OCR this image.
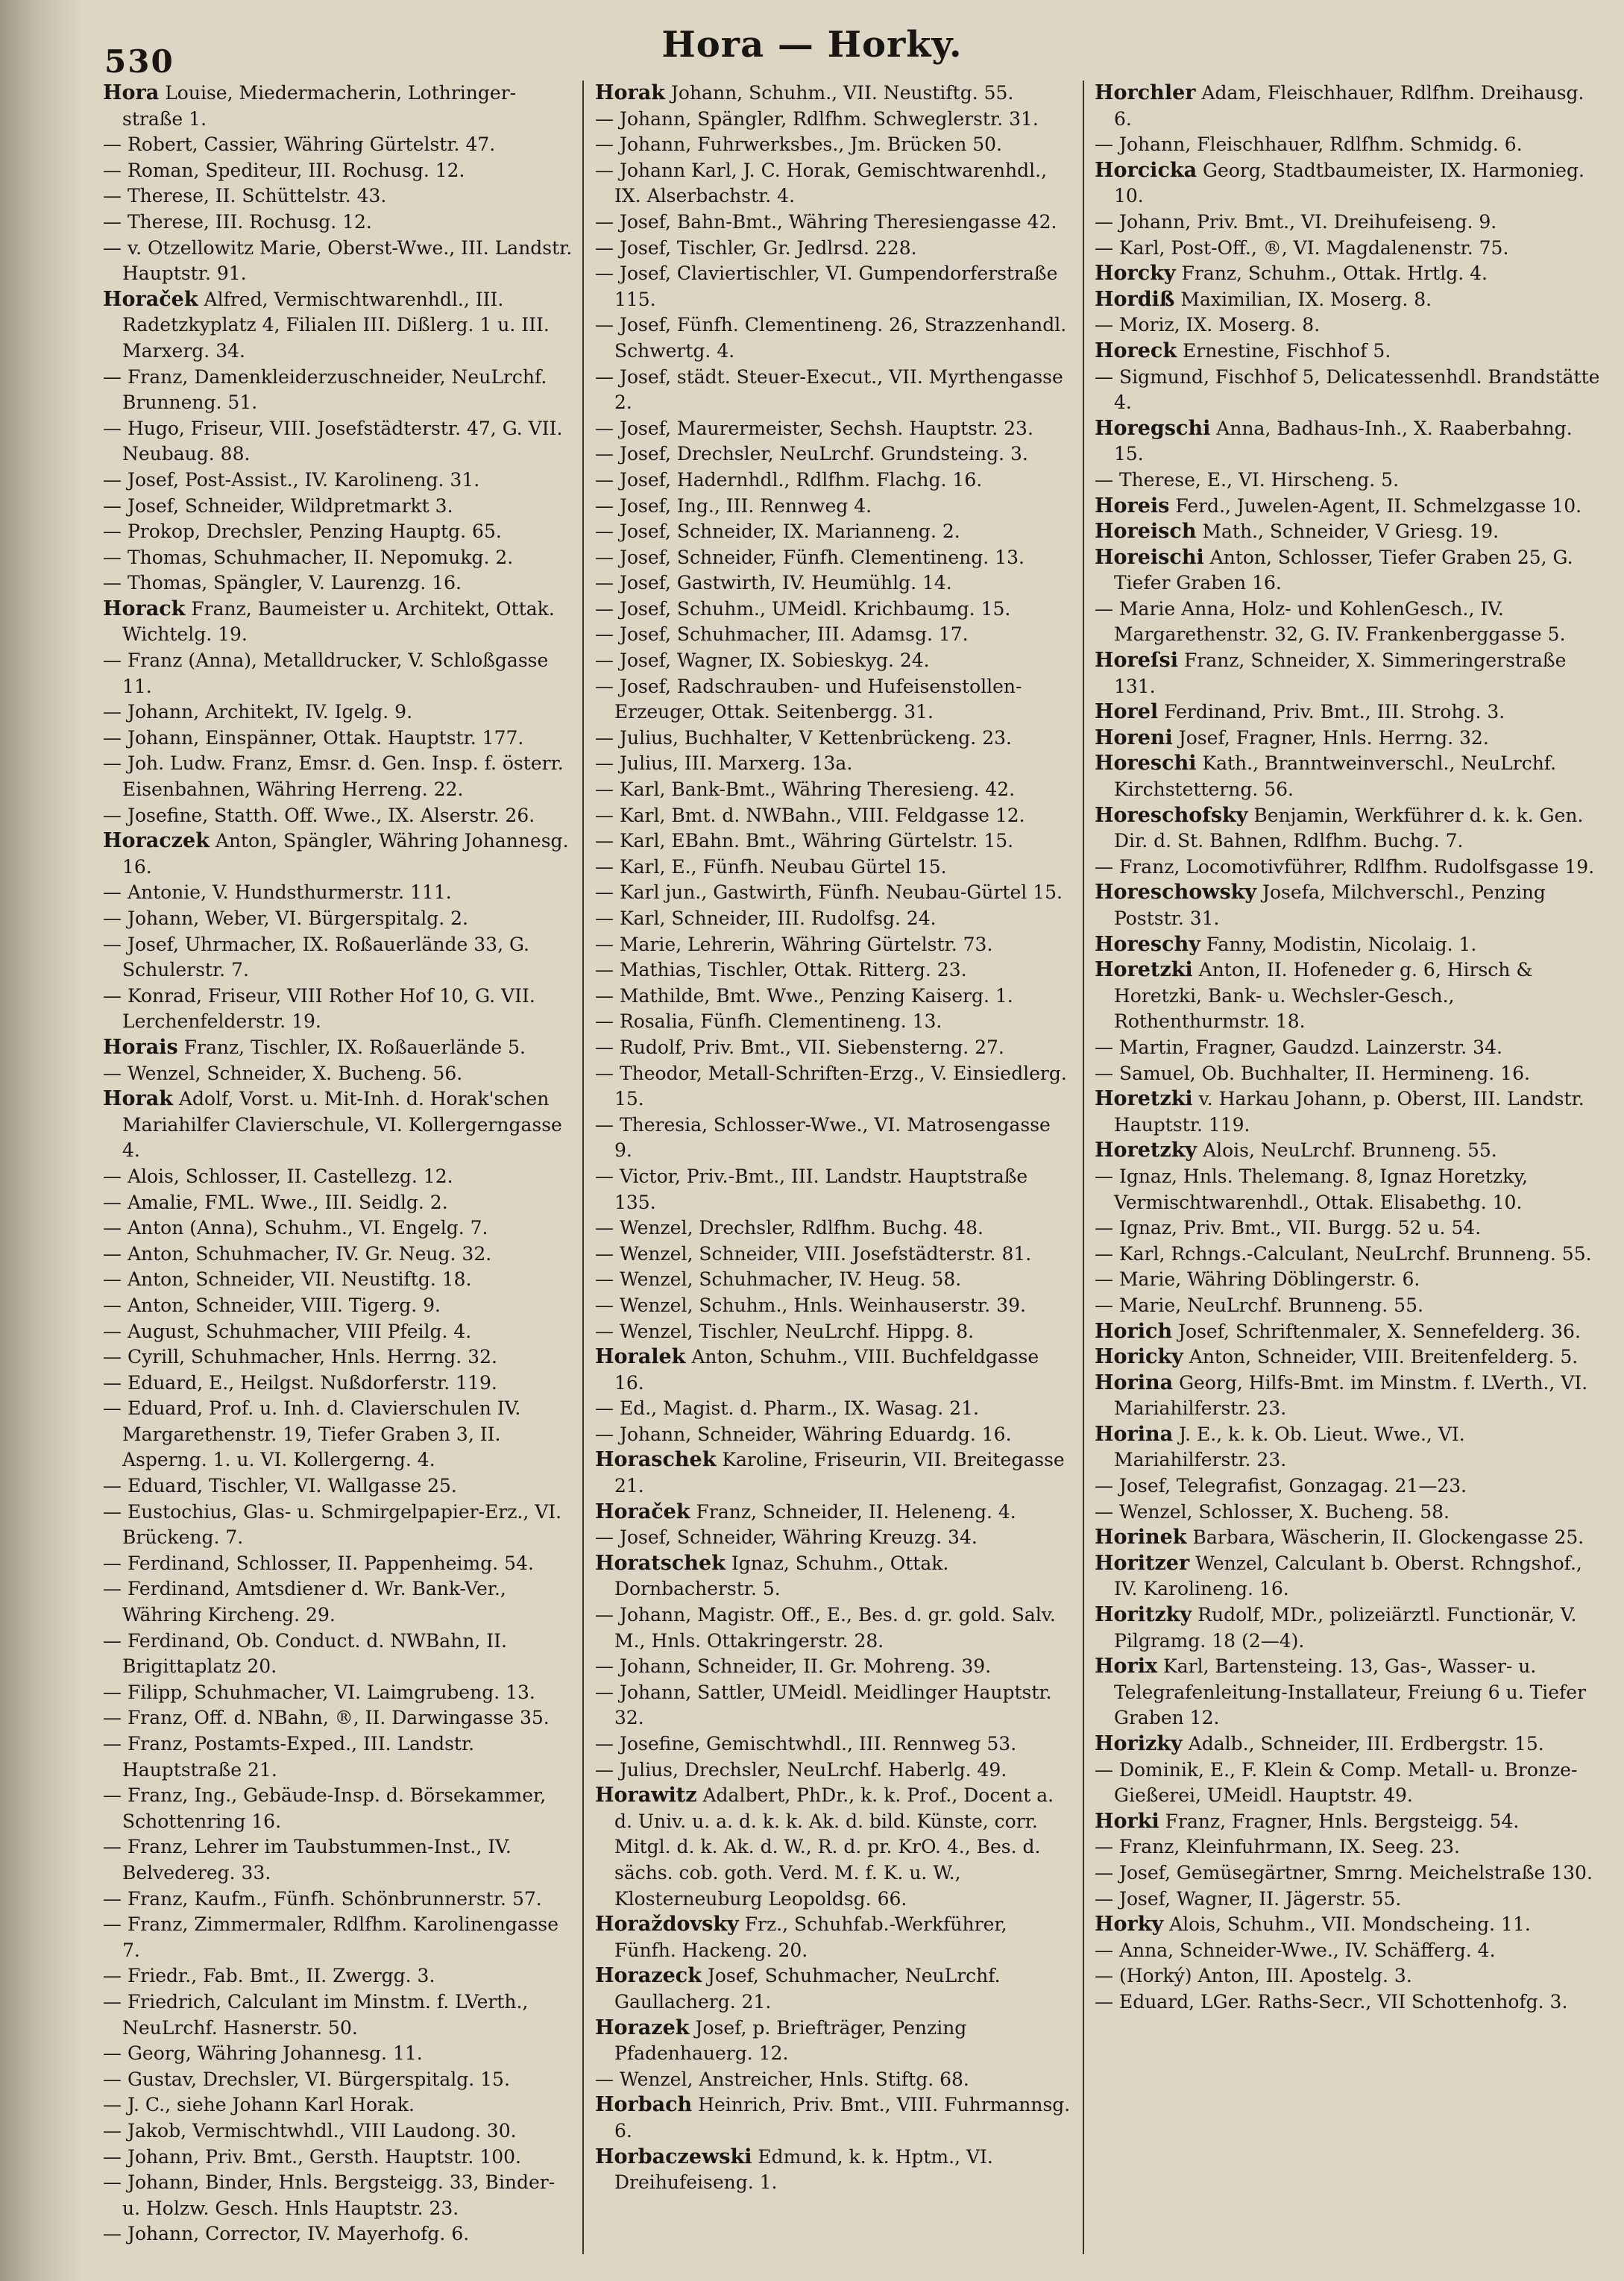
530	Hora — Horky.
Hora Louise, Miedermacherin, Lothringer-straße 1.
— Robert, Cassier, Währing Gürtelstr. 47.
— Roman, Spediteur, III. Rochusg. 12.
— Therese, II. Schüttelstr. 43.
— Therese, III. Rochusg. 12.
— v. Otzellowitz Marie, Oberst-Wwe., III. Landstr. Hauptstr. 91.
Horaček Alfred, Vermischtwarenhdl., III. Radetzkyplatz 4, Filialen III. Dißlerg. 1 u. III. Marxerg. 34.
— Franz, Damenkleiderzuschneider, NeuLrchf. Brunneng. 51.
— Hugo, Friseur, VIII. Josefstädterstr. 47, G. VII. Neubaug. 88.
— Josef, Post-Assist., IV. Karolineng. 31.
— Josef, Schneider, Wildpretmarkt 3.
— Prokop, Drechsler, Penzing Hauptg. 65.
— Thomas, Schuhmacher, II. Nepomukg. 2.
— Thomas, Spängler, V. Laurenzg. 16.
Horack Franz, Baumeister u. Architekt, Ottak. Wichtelg. 19.
— Franz (Anna), Metalldrucker, V. Schloßgasse 11.
— Johann, Architekt, IV. Igelg. 9.
— Johann, Einspänner, Ottak. Hauptstr. 177.
— Joh. Ludw. Franz, Emsr. d. Gen. Insp. f. österr. Eisenbahnen, Währing Herreng. 22.
— Josefine, Statth. Off. Wwe., IX. Alserstr. 26.
Horaczek Anton, Spängler, Währing Johannesg. 16.
— Antonie, V. Hundsthurmerstr. 111.
— Johann, Weber, VI. Bürgerspitalg. 2.
— Josef, Uhrmacher, IX. Roßauerlände 33, G. Schulerstr. 7.
— Konrad, Friseur, VIII Rother Hof 10, G. VII. Lerchenfelderstr. 19.
Horais Franz, Tischler, IX. Roßauerlände 5.
— Wenzel, Schneider, X. Bucheng. 56.
Horak Adolf, Vorst. u. Mit-Inh. d. Horak'schen Mariahilfer Clavierschule, VI. Kollergerngasse 4.
— Alois, Schlosser, II. Castellezg. 12.
— Amalie, FML. Wwe., III. Seidlg. 2.
— Anton (Anna), Schuhm., VI. Engelg. 7.
— Anton, Schuhmacher, IV. Gr. Neug. 32.
— Anton, Schneider, VII. Neustiftg. 18.
— Anton, Schneider, VIII. Tigerg. 9.
— August, Schuhmacher, VIII Pfeilg. 4.
— Cyrill, Schuhmacher, Hnls. Herrng. 32.
— Eduard, E., Heilgst. Nußdorferstr. 119.
— Eduard, Prof. u. Inh. d. Clavierschulen IV. Margarethenstr. 19, Tiefer Graben 3, II. Asperng. 1. u. VI. Kollergerng. 4.
— Eduard, Tischler, VI. Wallgasse 25.
— Eustochius, Glas- u. Schmirgelpapier-Erz., VI. Brückeng. 7.
— Ferdinand, Schlosser, II. Pappenheimg. 54.
— Ferdinand, Amtsdiener d. Wr. Bank-Ver., Währing Kircheng. 29.
— Ferdinand, Ob. Conduct. d. NWBahn, II. Brigittaplatz 20.
— Filipp, Schuhmacher, VI. Laimgrubeng. 13.
— Franz, Off. d. NBahn, ®, II. Darwingasse 35.
— Franz, Postamts-Exped., III. Landstr. Hauptstraße 21.
— Franz, Ing., Gebäude-Insp. d. Börsekammer, Schottenring 16.
— Franz, Lehrer im Taubstummen-Inst., IV. Belvedereg. 33.
— Franz, Kaufm., Fünfh. Schönbrunnerstr. 57.
— Franz, Zimmermaler, Rdlfhm. Karolinengasse 7.
— Friedr., Fab. Bmt., II. Zwergg. 3.
— Friedrich, Calculant im Minstm. f. LVerth., NeuLrchf. Hasnerstr. 50.
— Georg, Währing Johannesg. 11.
— Gustav, Drechsler, VI. Bürgerspitalg. 15.
— J. C., siehe Johann Karl Horak.
— Jakob, Vermischtwhdl., VIII Laudong. 30.
— Johann, Priv. Bmt., Gersth. Hauptstr. 100.
— Johann, Binder, Hnls. Bergsteigg. 33, Binder- u. Holzw. Gesch. Hnls Hauptstr. 23.
— Johann, Corrector, IV. Mayerhofg. 6.
Horak Johann, Schuhm., VII. Neustiftg. 55.
— Johann, Spängler, Rdlfhm. Schweglerstr. 31.
— Johann, Fuhrwerksbes., Jm. Brücken 50.
— Johann Karl, J. C. Horak, Gemischtwarenhdl., IX. Alserbachstr. 4.
— Josef, Bahn-Bmt., Währing Theresiengasse 42.
— Josef, Tischler, Gr. Jedlrsd. 228.
— Josef, Claviertischler, VI. Gumpendorferstraße 115.
— Josef, Fünfh. Clementineng. 26, Strazzenhandl. Schwertg. 4.
— Josef, städt. Steuer-Execut., VII. Myrthengasse 2.
— Josef, Maurermeister, Sechsh. Hauptstr. 23.
— Josef, Drechsler, NeuLrchf. Grundsteing. 3.
— Josef, Hadernhdl., Rdlfhm. Flachg. 16.
— Josef, Ing., III. Rennweg 4.
— Josef, Schneider, IX. Marianneng. 2.
— Josef, Schneider, Fünfh. Clementineng. 13.
— Josef, Gastwirth, IV. Heumühlg. 14.
— Josef, Schuhm., UMeidl. Krichbaumg. 15.
— Josef, Schuhmacher, III. Adamsg. 17.
— Josef, Wagner, IX. Sobieskyg. 24.
— Josef, Radschrauben- und Hufeisenstollen-Erzeuger, Ottak. Seitenbergg. 31.
— Julius, Buchhalter, V Kettenbrückeng. 23.
— Julius, III. Marxerg. 13a.
— Karl, Bank-Bmt., Währing Theresieng. 42.
— Karl, Bmt. d. NWBahn., VIII. Feldgasse 12.
— Karl, EBahn. Bmt., Währing Gürtelstr. 15.
— Karl, E., Fünfh. Neubau Gürtel 15.
— Karl jun., Gastwirth, Fünfh. Neubau-Gürtel 15.
— Karl, Schneider, III. Rudolfsg. 24.
— Marie, Lehrerin, Währing Gürtelstr. 73.
— Mathias, Tischler, Ottak. Ritterg. 23.
— Mathilde, Bmt. Wwe., Penzing Kaiserg. 1.
— Rosalia, Fünfh. Clementineng. 13.
— Rudolf, Priv. Bmt., VII. Siebensterng. 27.
— Theodor, Metall-Schriften-Erzg., V. Einsiedlerg. 15.
— Theresia, Schlosser-Wwe., VI. Matrosengasse 9.
— Victor, Priv.-Bmt., III. Landstr. Hauptstraße 135.
— Wenzel, Drechsler, Rdlfhm. Buchg. 48.
— Wenzel, Schneider, VIII. Josefstädterstr. 81.
— Wenzel, Schuhmacher, IV. Heug. 58.
— Wenzel, Schuhm., Hnls. Weinhauserstr. 39.
— Wenzel, Tischler, NeuLrchf. Hippg. 8.
Horalek Anton, Schuhm., VIII. Buchfeldgasse 16.
— Ed., Magist. d. Pharm., IX. Wasag. 21.
— Johann, Schneider, Währing Eduardg. 16.
Horaschek Karoline, Friseurin, VII. Breitegasse 21.
Horaček Franz, Schneider, II. Heleneng. 4.
— Josef, Schneider, Währing Kreuzg. 34.
Horatschek Ignaz, Schuhm., Ottak. Dornbacherstr. 5.
— Johann, Magistr. Off., E., Bes. d. gr. gold. Salv. M., Hnls. Ottakringerstr. 28.
— Johann, Schneider, II. Gr. Mohreng. 39.
— Johann, Sattler, UMeidl. Meidlinger Hauptstr. 32.
— Josefine, Gemischtwhdl., III. Rennweg 53.
— Julius, Drechsler, NeuLrchf. Haberlg. 49.
Horawitz Adalbert, PhDr., k. k. Prof., Docent a. d. Univ. u. a. d. k. k. Ak. d. bild. Künste, corr. Mitgl. d. k. Ak. d. W., R. d. pr. KrO. 4., Bes. d. sächs. cob. goth. Verd. M. f. K. u. W., Klosterneuburg Leopoldsg. 66.
Horaždovsky Frz., Schuhfab.-Werkführer, Fünfh. Hackeng. 20.
Horazeck Josef, Schuhmacher, NeuLrchf. Gaullacherg. 21.
Horazek Josef, p. Briefträger, Penzing Pfadenhauerg. 12.
— Wenzel, Anstreicher, Hnls. Stiftg. 68.
Horbach Heinrich, Priv. Bmt., VIII. Fuhrmannsg. 6.
Horbaczewski Edmund, k. k. Hptm., VI. Dreihufeiseng. 1.
Horchler Adam, Fleischhauer, Rdlfhm. Dreihausg. 6.
— Johann, Fleischhauer, Rdlfhm. Schmidg. 6.
Horcicka Georg, Stadtbaumeister, IX. Harmonieg. 10.
— Johann, Priv. Bmt., VI. Dreihufeiseng. 9.
— Karl, Post-Off., ®, VI. Magdalenenstr. 75.
Horcky Franz, Schuhm., Ottak. Hrtlg. 4.
Hordiß Maximilian, IX. Moserg. 8.
— Moriz, IX. Moserg. 8.
Horeck Ernestine, Fischhof 5.
— Sigmund, Fischhof 5, Delicatessenhdl. Brandstätte 4.
Horegschi Anna, Badhaus-Inh., X. Raaberbahng. 15.
— Therese, E., VI. Hirscheng. 5.
Horeis Ferd., Juwelen-Agent, II. Schmelzgasse 10.
Horeisch Math., Schneider, V Griesg. 19.
Horeischi Anton, Schlosser, Tiefer Graben 25, G. Tiefer Graben 16.
— Marie Anna, Holz- und KohlenGesch., IV. Margarethenstr. 32, G. IV. Frankenberggasse 5.
Horeſsi Franz, Schneider, X. Simmeringerstraße 131.
Horel Ferdinand, Priv. Bmt., III. Strohg. 3.
Horeni Josef, Fragner, Hnls. Herrng. 32.
Horeschi Kath., Branntweinverschl., NeuLrchf. Kirchstetterng. 56.
Horeschofsky Benjamin, Werkführer d. k. k. Gen. Dir. d. St. Bahnen, Rdlfhm. Buchg. 7.
— Franz, Locomotivführer, Rdlfhm. Rudolfsgasse 19.
Horeschowsky Josefa, Milchverschl., Penzing Poststr. 31.
Horeschy Fanny, Modistin, Nicolaig. 1.
Horetzki Anton, II. Hofeneder g. 6, Hirsch & Horetzki, Bank- u. Wechsler-Gesch., Rothenthurmstr. 18.
— Martin, Fragner, Gaudzd. Lainzerstr. 34.
— Samuel, Ob. Buchhalter, II. Hermineng. 16.
Horetzki v. Harkau Johann, p. Oberst, III. Landstr. Hauptstr. 119.
Horetzky Alois, NeuLrchf. Brunneng. 55.
— Ignaz, Hnls. Thelemang. 8, Ignaz Horetzky, Vermischtwarenhdl., Ottak. Elisabethg. 10.
— Ignaz, Priv. Bmt., VII. Burgg. 52 u. 54.
— Karl, Rchngs.-Calculant, NeuLrchf. Brunneng. 55.
— Marie, Währing Döblingerstr. 6.
— Marie, NeuLrchf. Brunneng. 55.
Horich Josef, Schriftenmaler, X. Sennefelderg. 36.
Horicky Anton, Schneider, VIII. Breitenfelderg. 5.
Horina Georg, Hilfs-Bmt. im Minstm. f. LVerth., VI. Mariahilferstr. 23.
Horina J. E., k. k. Ob. Lieut. Wwe., VI. Mariahilferstr. 23.
— Josef, Telegrafist, Gonzagag. 21—23.
— Wenzel, Schlosser, X. Bucheng. 58.
Horinek Barbara, Wäscherin, II. Glockengasse 25.
Horitzer Wenzel, Calculant b. Oberst. Rchngshof., IV. Karolineng. 16.
Horitzky Rudolf, MDr., polizeiärztl. Functionär, V. Pilgramg. 18 (2—4).
Horix Karl, Bartensteing. 13, Gas-, Wasser- u. Telegrafenleitung-Installateur, Freiung 6 u. Tiefer Graben 12.
Horizky Adalb., Schneider, III. Erdbergstr. 15.
— Dominik, E., F. Klein & Comp. Metall- u. Bronze-Gießerei, UMeidl. Hauptstr. 49.
Horki Franz, Fragner, Hnls. Bergsteigg. 54.
— Franz, Kleinfuhrmann, IX. Seeg. 23.
— Josef, Gemüsegärtner, Smrng. Meichelstraße 130.
— Josef, Wagner, II. Jägerstr. 55.
Horky Alois, Schuhm., VII. Mondscheing. 11.
— Anna, Schneider-Wwe., IV. Schäfferg. 4.
— (Horký) Anton, III. Apostelg. 3.
— Eduard, LGer. Raths-Secr., VII Schottenhofg. 3.
